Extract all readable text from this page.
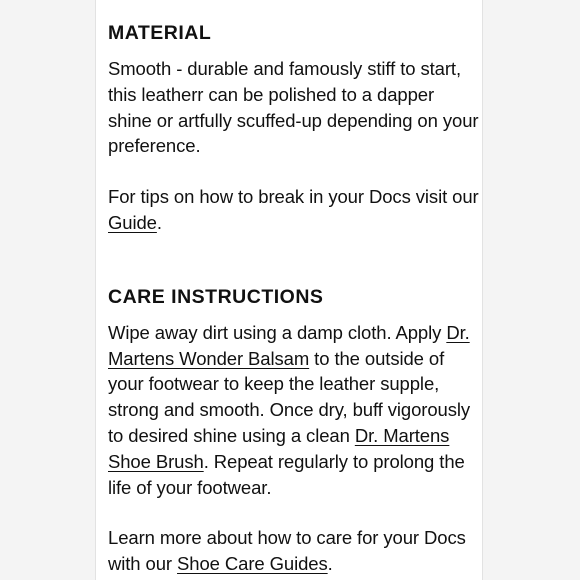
MATERIAL

Smooth - durable and famously stiff to start, this leatherr can be polished to a dapper shine or artfully scuffed-up depending on your preference.

For tips on how to break in your Docs visit our Guide.

CARE INSTRUCTIONS

Wipe away dirt using a damp cloth. Apply Dr. Martens Wonder Balsam to the outside of your footwear to keep the leather supple, strong and smooth. Once dry, buff vigorously to desired shine using a clean Dr. Martens Shoe Brush. Repeat regularly to prolong the life of your footwear.

Learn more about how to care for your Docs with our Shoe Care Guides.
